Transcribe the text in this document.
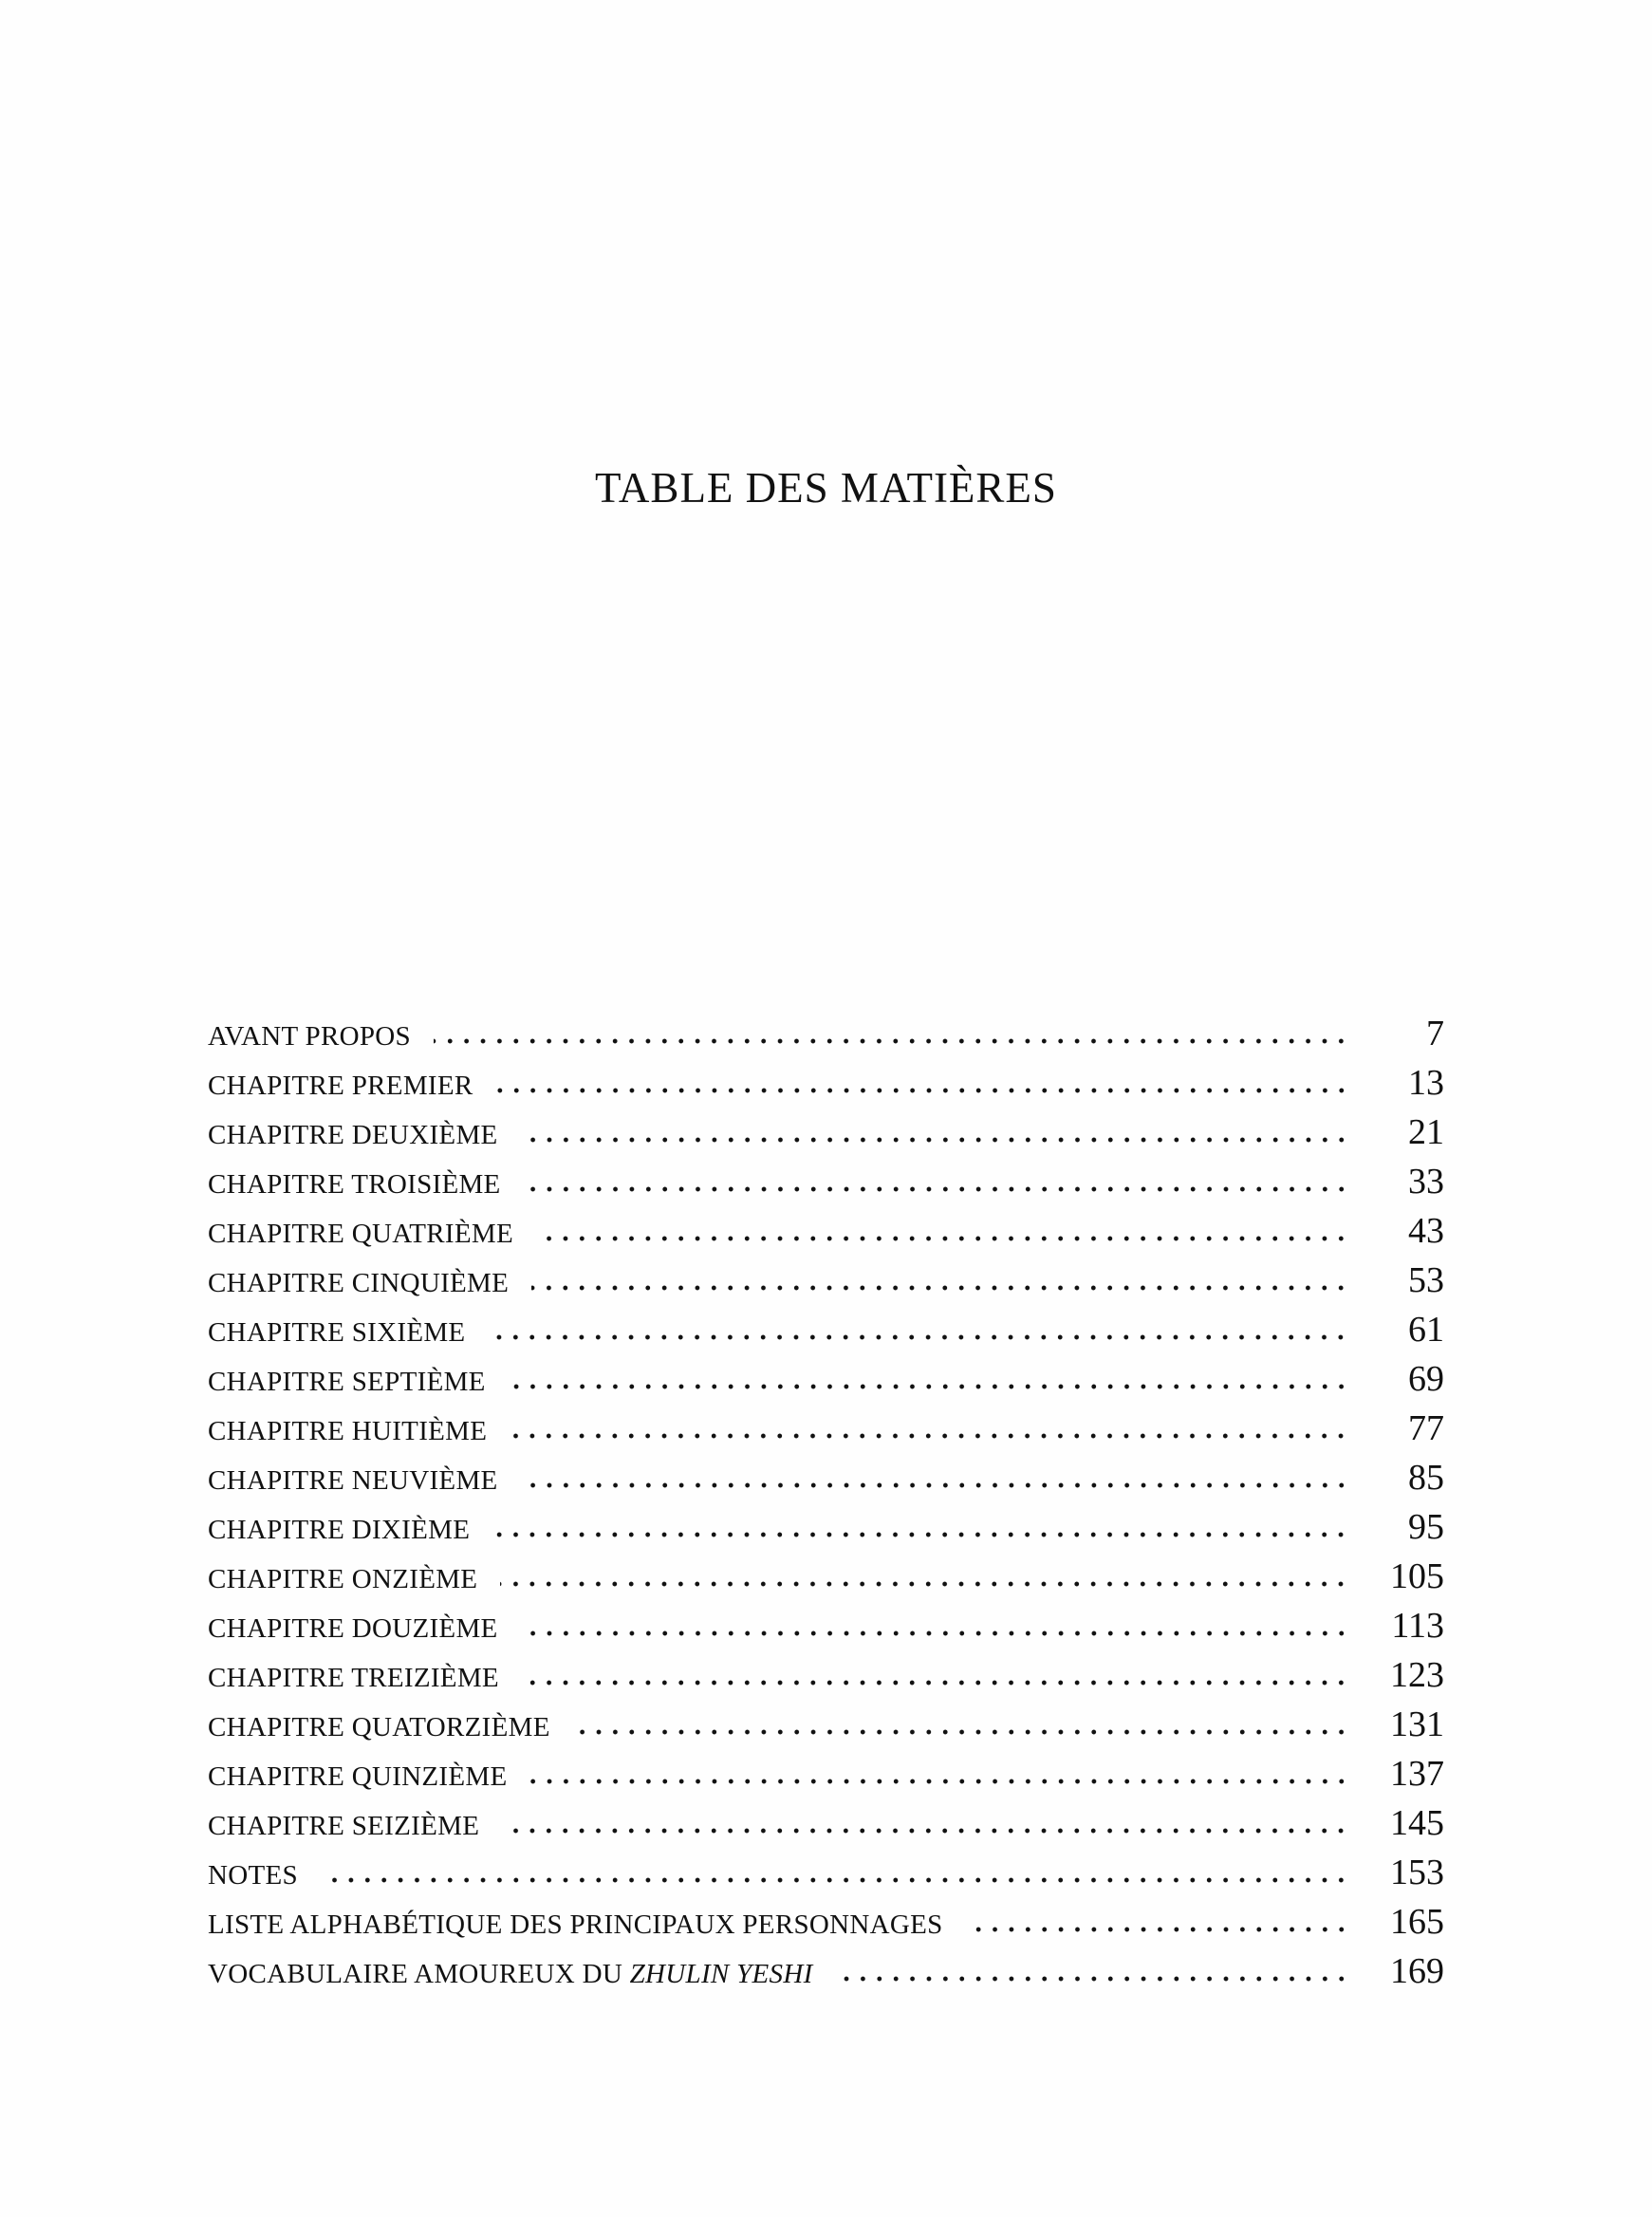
TABLE DES MATIÈRES
AVANT PROPOS	7
CHAPITRE PREMIER	13
CHAPITRE DEUXIÈME	21
CHAPITRE TROISIÈME	33
CHAPITRE QUATRIÈME	43
CHAPITRE CINQUIÈME	53
CHAPITRE SIXIÈME	61
CHAPITRE SEPTIÈME	69
CHAPITRE HUITIÈME	77
CHAPITRE NEUVIÈME	85
CHAPITRE DIXIÈME	95
CHAPITRE ONZIÈME	105
CHAPITRE DOUZIÈME	113
CHAPITRE TREIZIÈME	123
CHAPITRE QUATORZIÈME	131
CHAPITRE QUINZIÈME	137
CHAPITRE SEIZIÈME	145
NOTES	153
LISTE ALPHABÉTIQUE DES PRINCIPAUX PERSONNAGES	165
VOCABULAIRE AMOUREUX DU ZHULIN YESHI	169
